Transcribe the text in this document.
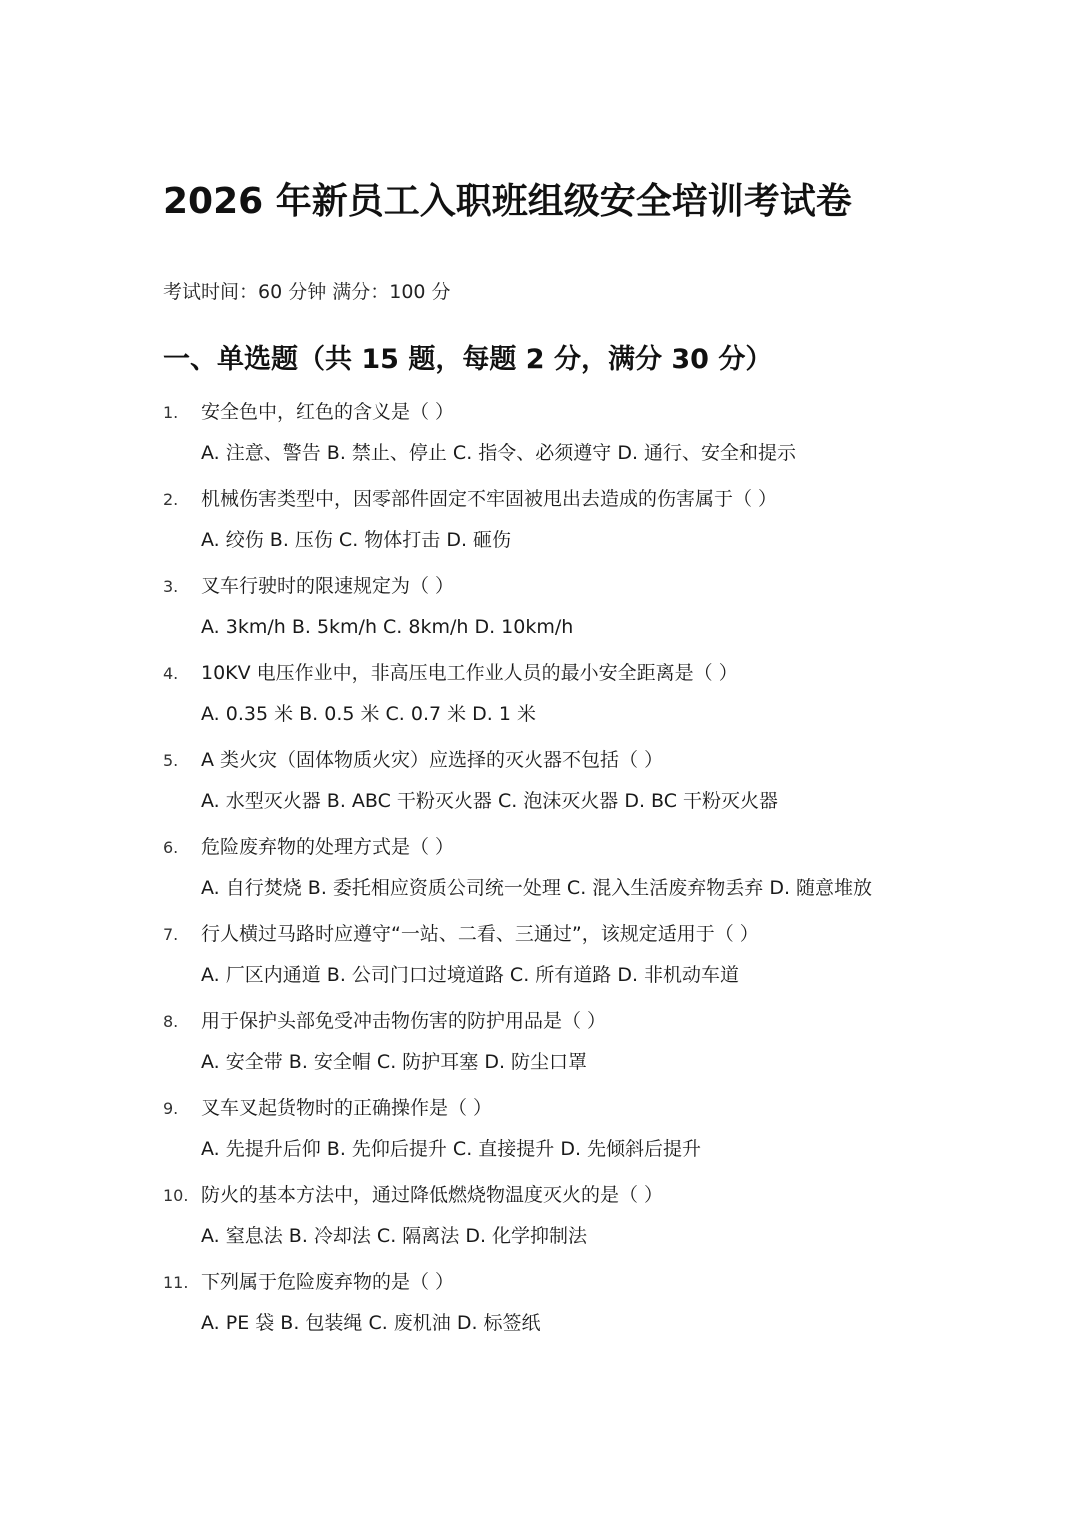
2026 年新员工入职班组级安全培训考试卷
考试时间：60 分钟 满分：100 分
一、单选题（共 15 题，每题 2 分，满分 30 分）
1.	安全色中，红色的含义是（ ）
A. 注意、警告 B. 禁止、停止 C. 指令、必须遵守 D. 通行、安全和提示
2.	机械伤害类型中，因零部件固定不牢固被甩出去造成的伤害属于（ ）
A. 绞伤 B. 压伤 C. 物体打击 D. 砸伤
3.	叉车行驶时的限速规定为（ ）
A. 3km/h B. 5km/h C. 8km/h D. 10km/h
4.	10KV 电压作业中，非高压电工作业人员的最小安全距离是（ ）
A. 0.35 米 B. 0.5 米 C. 0.7 米 D. 1 米
5.	A 类火灾（固体物质火灾）应选择的灭火器不包括（ ）
A. 水型灭火器 B. ABC 干粉灭火器 C. 泡沫灭火器 D. BC 干粉灭火器
6.	危险废弃物的处理方式是（ ）
A. 自行焚烧 B. 委托相应资质公司统一处理 C. 混入生活废弃物丢弃 D. 随意堆放
7.	行人横过马路时应遵守“一站、二看、三通过”，该规定适用于（ ）
A. 厂区内通道 B. 公司门口过境道路 C. 所有道路 D. 非机动车道
8.	用于保护头部免受冲击物伤害的防护用品是（ ）
A. 安全带 B. 安全帽 C. 防护耳塞 D. 防尘口罩
9.	叉车叉起货物时的正确操作是（ ）
A. 先提升后仰 B. 先仰后提升 C. 直接提升 D. 先倾斜后提升
10. 防火的基本方法中，通过降低燃烧物温度灭火的是（ ）
A. 窒息法 B. 冷却法 C. 隔离法 D. 化学抑制法
11. 下列属于危险废弃物的是（ ）
A. PE 袋 B. 包装绳 C. 废机油 D. 标签纸
